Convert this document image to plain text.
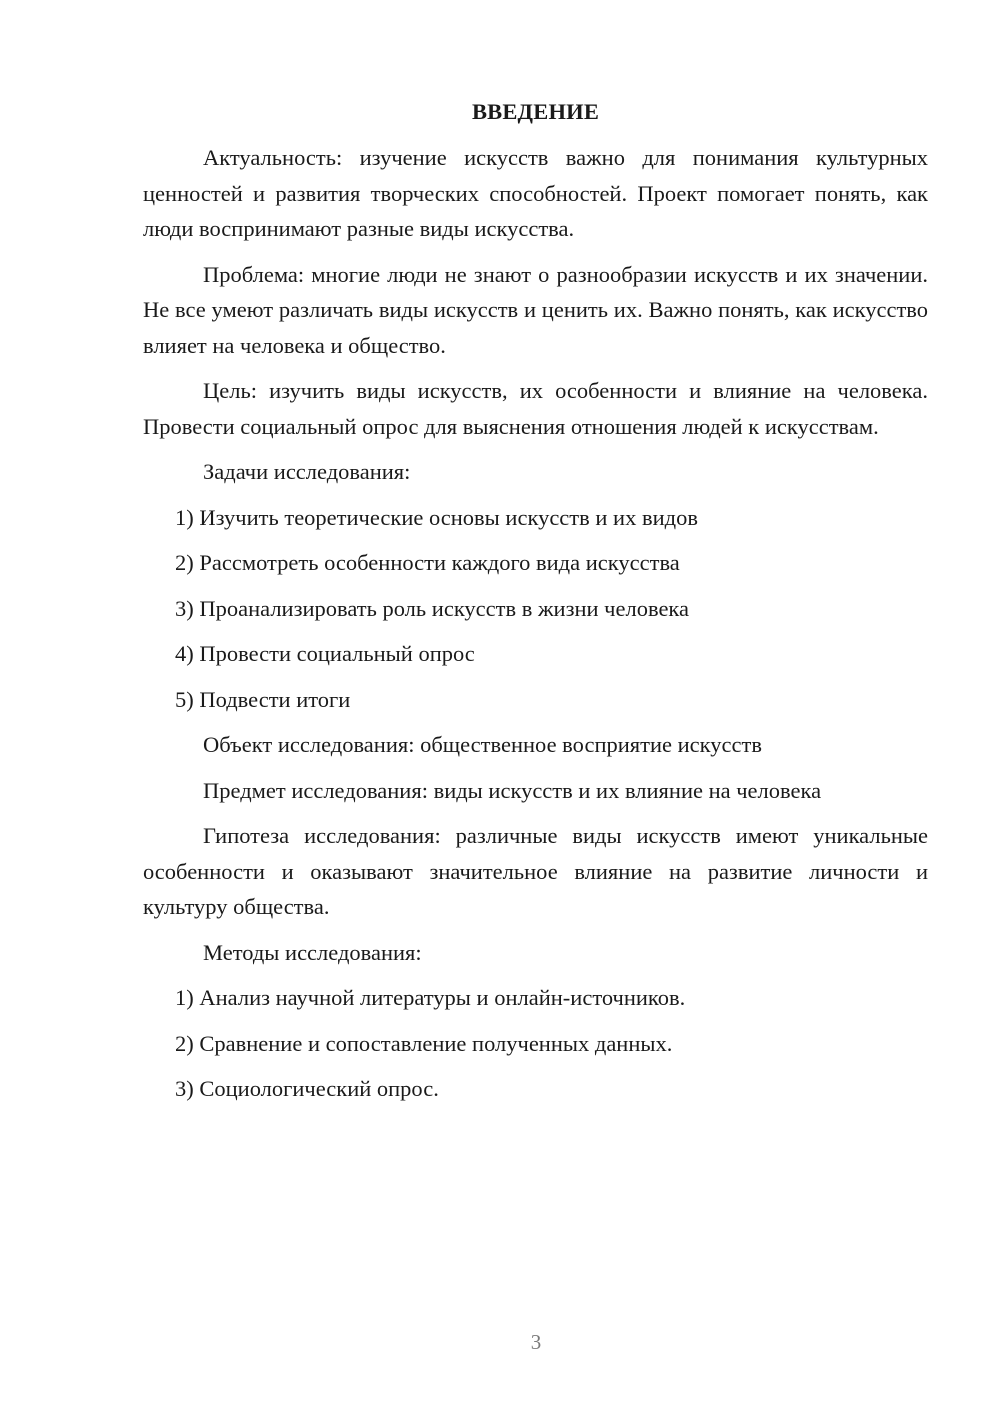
ВВЕДЕНИЕ

Актуальность: изучение искусств важно для понимания культурных ценностей и развития творческих способностей. Проект помогает понять, как люди воспринимают разные виды искусства.

Проблема: многие люди не знают о разнообразии искусств и их значении. Не все умеют различать виды искусств и ценить их. Важно понять, как искусство влияет на человека и общество.

Цель: изучить виды искусств, их особенности и влияние на человека. Провести социальный опрос для выяснения отношения людей к искусствам.

Задачи исследования:

1) Изучить теоретические основы искусств и их видов

2) Рассмотреть особенности каждого вида искусства

3) Проанализировать роль искусств в жизни человека

4) Провести социальный опрос

5) Подвести итоги

Объект исследования: общественное восприятие искусств

Предмет исследования: виды искусств и их влияние на человека

Гипотеза исследования: различные виды искусств имеют уникальные особенности и оказывают значительное влияние на развитие личности и культуру общества.

Методы исследования:

1) Анализ научной литературы и онлайн-источников.

2) Сравнение и сопоставление полученных данных.

3) Социологический опрос.

3
